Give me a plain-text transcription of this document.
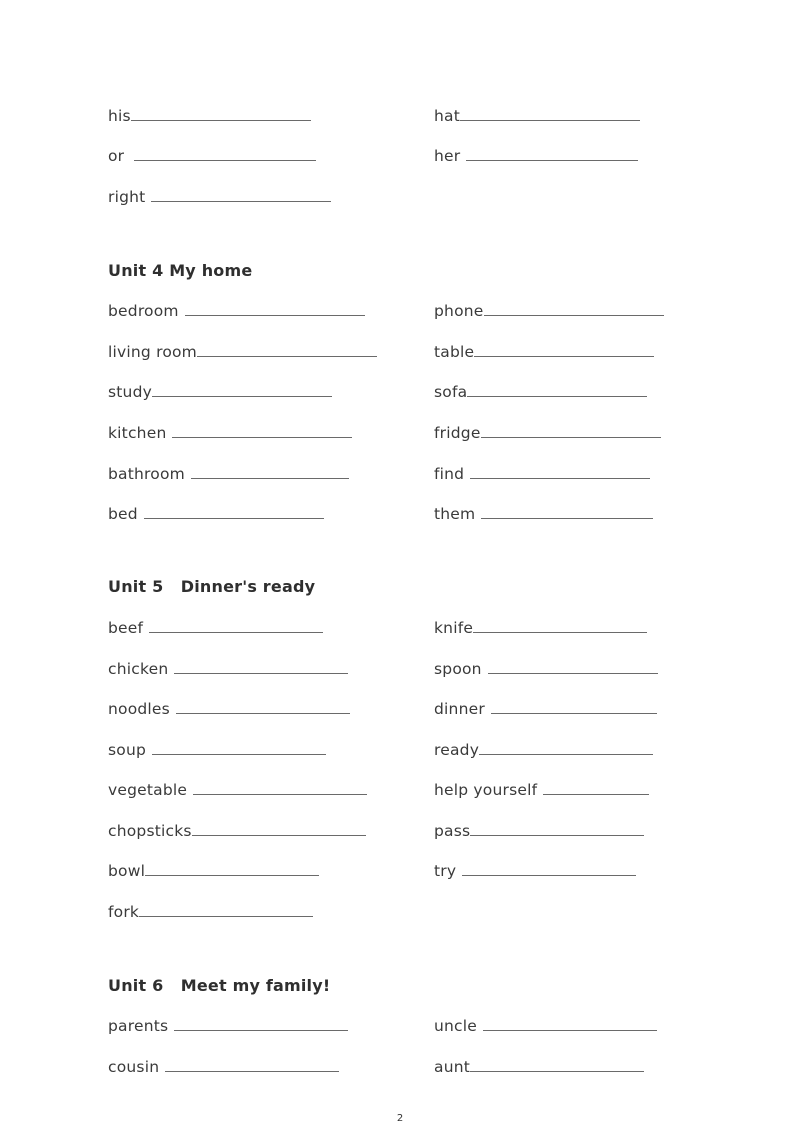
his	hat
or	her
right
Unit 4 My home
bedroom	phone
living room	table
study	sofa
kitchen	fridge
bathroom	find
bed	them
Unit 5   Dinner's ready
beef	knife
chicken	spoon
noodles	dinner
soup	ready
vegetable	help yourself
chopsticks	pass
bowl	try
fork
Unit 6   Meet my family!
parents	uncle
cousin	aunt
2
